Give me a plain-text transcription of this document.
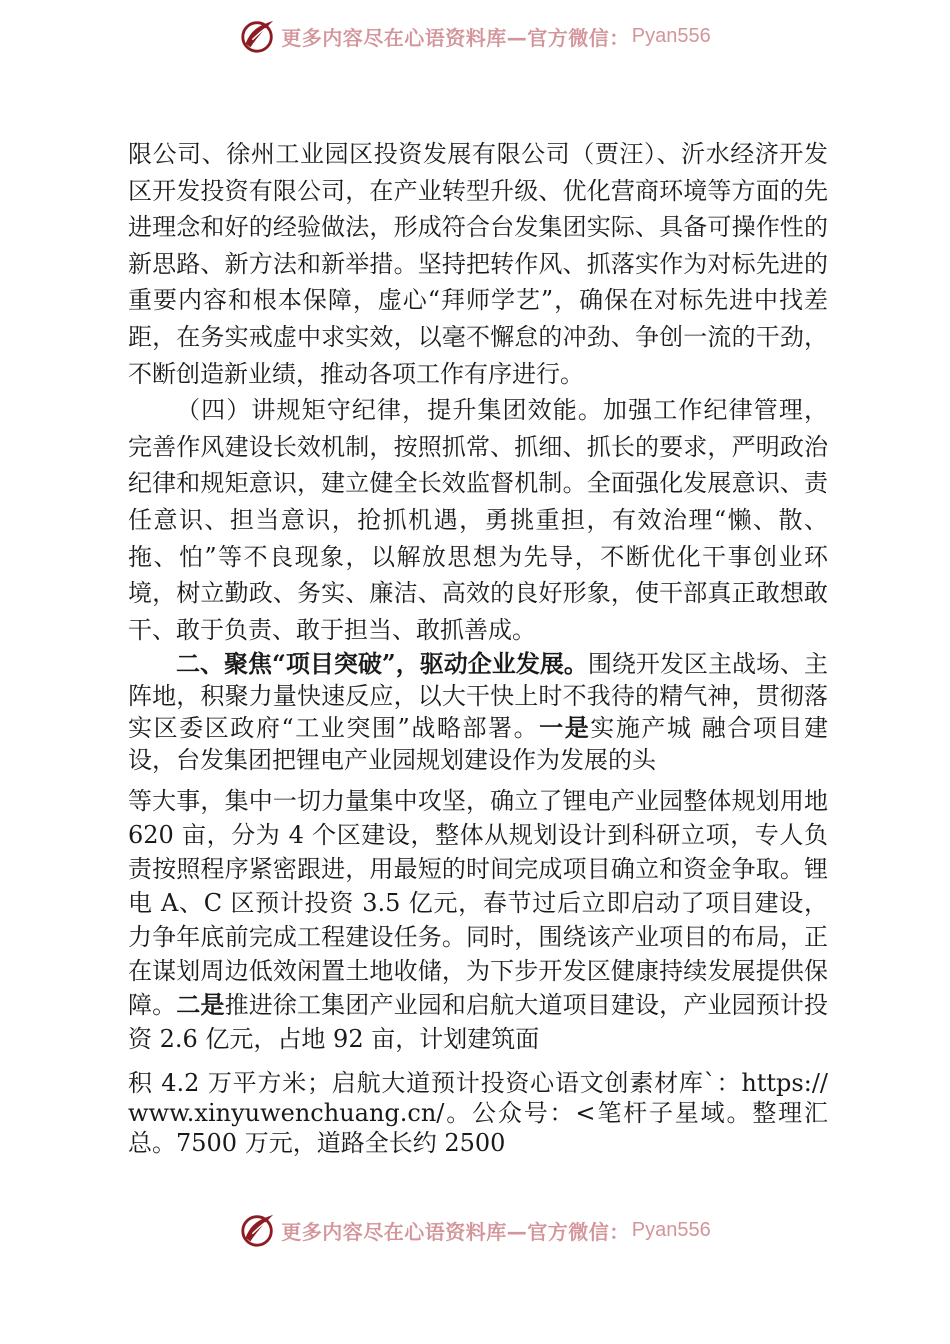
更多内容尽在心语资料库—官方微信： Pyan556

限公司、徐州工业园区投资发展有限公司（贾汪）、沂水经济开发区开发投资有限公司，在产业转型升级、优化营商环境等方面的先进理念和好的经验做法，形成符合台发集团实际、具备可操作性的新思路、新方法和新举措。坚持把转作风、抓落实作为对标先进的重要内容和根本保障，虚心“拜师学艺”，确保在对标先进中找差距，在务实戒虚中求实效，以毫不懈怠的冲劲、争创一流的干劲，不断创造新业绩，推动各项工作有序进行。

（四）讲规矩守纪律，提升集团效能。加强工作纪律管理， 完善作风建设长效机制，按照抓常、抓细、抓长的要求，严明政治纪律和规矩意识，建立健全长效监督机制。全面强化发展意识、责任意识、担当意识，抢抓机遇，勇挑重担，有效治理“懒、散、拖、怕”等不良现象，以解放思想为先导，不断优化干事创业环境，树立勤政、务实、廉洁、高效的良好形象，使干部真正敢想敢干、敢于负责、敢于担当、敢抓善成。

二、聚焦“项目突破”，驱动企业发展。围绕开发区主战场、主阵地，积聚力量快速反应，以大干快上时不我待的精气神，贯彻落实区委区政府“工业突围”战略部署。一是实施产城 融合项目建设，台发集团把锂电产业园规划建设作为发展的头

等大事，集中一切力量集中攻坚，确立了锂电产业园整体规划用地 620 亩，分为 4 个区建设，整体从规划设计到科研立项，专人负责按照程序紧密跟进，用最短的时间完成项目确立和资金争取。锂电 A、C 区预计投资 3.5 亿元，春节过后立即启动了项目建设，力争年底前完成工程建设任务。同时，围绕该产业项目的布局，正在谋划周边低效闲置土地收储，为下步开发区健康持续发展提供保障。二是推进徐工集团产业园和启航大道项目建设，产业园预计投资 2.6 亿元，占地 92 亩，计划建筑面

积 4.2 万平方米；启航大道预计投资心语文创素材库`：https://www.xinyuwenchuang.cn/。公众号：<笔杆子星域。整理汇总。7500 万元，道路全长约 2500

更多内容尽在心语资料库—官方微信： Pyan556
